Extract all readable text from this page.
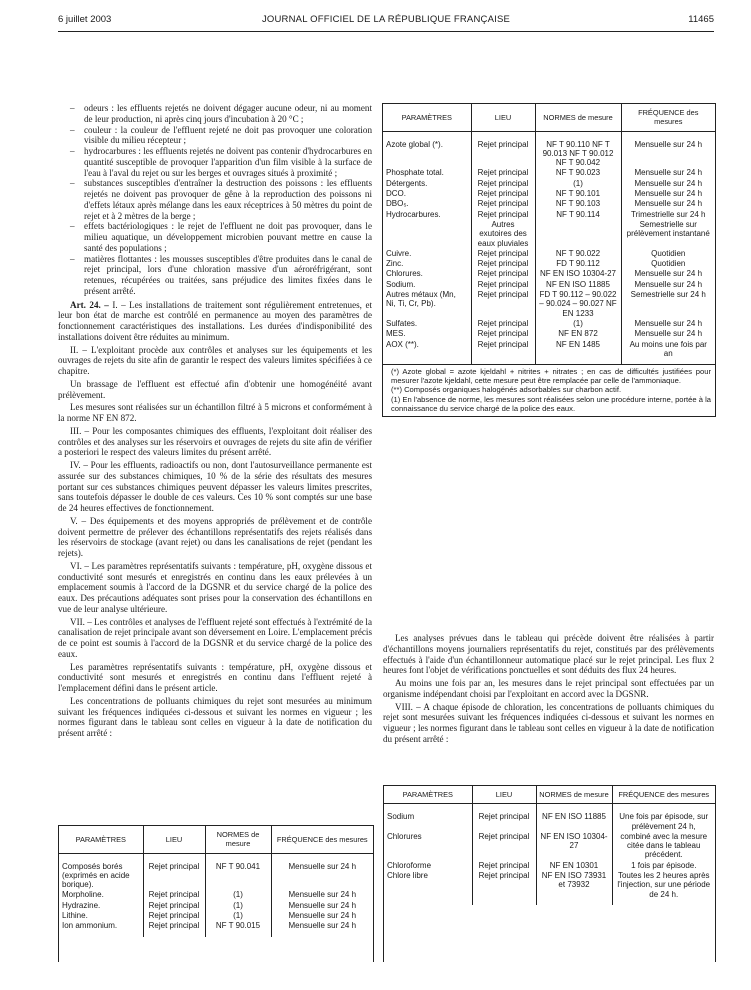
6 juillet 2003	JOURNAL OFFICIEL DE LA RÉPUBLIQUE FRANÇAISE	11465
– odeurs : les effluents rejetés ne doivent dégager aucune odeur, ni au moment de leur production, ni après cinq jours d'incubation à 20 °C ;
– couleur : la couleur de l'effluent rejeté ne doit pas provoquer une coloration visible du milieu récepteur ;
– hydrocarbures : les effluents rejetés ne doivent pas contenir d'hydrocarbures en quantité susceptible de provoquer l'apparition d'un film visible à la surface de l'eau à l'aval du rejet ou sur les berges et ouvrages situés à proximité ;
– substances susceptibles d'entraîner la destruction des poissons : les effluents rejetés ne doivent pas provoquer de gêne à la reproduction des poissons ni d'effets létaux après mélange dans les eaux réceptrices à 50 mètres du point de rejet et à 2 mètres de la berge ;
– effets bactériologiques : le rejet de l'effluent ne doit pas provoquer, dans le milieu aquatique, un développement microbien pouvant mettre en cause la santé des populations ;
– matières flottantes : les mousses susceptibles d'être produites dans le canal de rejet principal, lors d'une chloration massive d'un aéroréfrigérant, sont retenues, récupérées ou traitées, sans préjudice des limites fixées dans le présent arrêté.

Art. 24. – I. – Les installations de traitement sont régulièrement entretenues, et leur bon état de marche est contrôlé en permanence au moyen des paramètres de fonctionnement caractéristiques des installations. Les durées d'indisponibilité des installations doivent être réduites au minimum.

II. – L'exploitant procède aux contrôles et analyses sur les équipements et les ouvrages de rejets du site afin de garantir le respect des valeurs limites spécifiées à ce chapitre.

Un brassage de l'effluent est effectué afin d'obtenir une homogénéité avant prélèvement.

Les mesures sont réalisées sur un échantillon filtré à 5 microns et conformément à la norme NF EN 872.

III. – Pour les composantes chimiques des effluents, l'exploitant doit réaliser des contrôles et des analyses sur les réservoirs et ouvrages de rejets du site afin de vérifier a posteriori le respect des valeurs limites du présent arrêté.

IV. – Pour les effluents, radioactifs ou non, dont l'autosurveillance permanente est assurée sur des substances chimiques, 10 % de la série des résultats des mesures portant sur ces substances chimiques peuvent dépasser les valeurs limites prescrites, sans toutefois dépasser le double de ces valeurs. Ces 10 % sont comptés sur une base de 24 heures effectives de fonctionnement.

V. – Des équipements et des moyens appropriés de prélèvement et de contrôle doivent permettre de prélever des échantillons représentatifs des rejets réalisés dans les réservoirs de stockage (avant rejet) ou dans les canalisations de rejet (pendant les rejets).

VI. – Les paramètres représentatifs suivants : température, pH, oxygène dissous et conductivité sont mesurés et enregistrés en continu dans les eaux prélevées à un emplacement soumis à l'accord de la DGSNR et du service chargé de la police des eaux. Des précautions adéquates sont prises pour la conservation des échantillons en vue de leur analyse ultérieure.

VII. – Les contrôles et analyses de l'effluent rejeté sont effectués à l'extrémité de la canalisation de rejet principale avant son déversement en Loire. L'emplacement précis de ce point est soumis à l'accord de la DGSNR et du service chargé de la police des eaux.

Les paramètres représentatifs suivants : température, pH, oxygène dissous et conductivité sont mesurés et enregistrés en continu dans l'effluent rejeté à l'emplacement défini dans le présent article.

Les concentrations de polluants chimiques du rejet sont mesurées au minimum suivant les fréquences indiquées ci-dessous et suivant les normes en vigueur ; les normes figurant dans le tableau sont celles en vigueur à la date de notification du présent arrêté :

PARAMÈTRES	LIEU	NORMES de mesure	FRÉQUENCE des mesures
Azote global (*).	Rejet principal	NF T 90.110 NF T 90.013 NF T 90.012 NF T 90.042	Mensuelle sur 24 h
Phosphate total.	Rejet principal	NF T 90.023	Mensuelle sur 24 h
Détergents.	Rejet principal	(1)	Mensuelle sur 24 h
DCO.	Rejet principal	NF T 90.101	Mensuelle sur 24 h
DBO₅.	Rejet principal	NF T 90.103	Mensuelle sur 24 h
Hydrocarbures.	Rejet principal	NF T 90.114	Trimestrielle sur 24 h
	Autres exutoires des eaux pluviales		Semestrielle sur prélèvement instantané
Cuivre.	Rejet principal	NF T 90.022	Quotidien
Zinc.	Rejet principal	FD T 90.112	Quotidien
Chlorures.	Rejet principal	NF EN ISO 10304-27	Mensuelle sur 24 h
Sodium.	Rejet principal	NF EN ISO 11885	Mensuelle sur 24 h
Autres métaux (Mn, Ni, Ti, Cr, Pb).	Rejet principal	FD T 90.112 – 90.022 – 90.024 – 90.027 NF EN 1233	Semestrielle sur 24 h
Sulfates.	Rejet principal	(1)	Mensuelle sur 24 h
MES.	Rejet principal	NF EN 872	Mensuelle sur 24 h
AOX (**).	Rejet principal	NF EN 1485	Au moins une fois par an

(*) Azote global = azote kjeldahl + nitrites + nitrates ; en cas de difficultés justifiées pour mesurer l'azote kjeldahl, cette mesure peut être remplacée par celle de l'ammoniaque.
(**) Composés organiques halogénés adsorbables sur charbon actif.
(1) En l'absence de norme, les mesures sont réalisées selon une procédure interne, portée à la connaissance du service chargé de la police des eaux.

Les analyses prévues dans le tableau qui précède doivent être réalisées à partir d'échantillons moyens journaliers représentatifs du rejet, constitués par des prélèvements effectués à l'aide d'un échantillonneur automatique placé sur le rejet principal. Les flux 2 heures font l'objet de vérifications ponctuelles et sont déduits des flux 24 heures.

Au moins une fois par an, les mesures dans le rejet principal sont effectuées par un organisme indépendant choisi par l'exploitant en accord avec la DGSNR.

VIII. – A chaque épisode de chloration, les concentrations de polluants chimiques du rejet sont mesurées suivant les fréquences indiquées ci-dessous et suivant les normes en vigueur ; les normes figurant dans le tableau sont celles en vigueur à la date de notification du présent arrêté :

PARAMÈTRES	LIEU	NORMES de mesure	FRÉQUENCE des mesures
Composés borés (exprimés en acide borique).	Rejet principal	NF T 90.041	Mensuelle sur 24 h
Morpholine.	Rejet principal	(1)	Mensuelle sur 24 h
Hydrazine.	Rejet principal	(1)	Mensuelle sur 24 h
Lithine.	Rejet principal	(1)	Mensuelle sur 24 h
Ion ammonium.	Rejet principal	NF T 90.015	Mensuelle sur 24 h

PARAMÈTRES	LIEU	NORMES de mesure	FRÉQUENCE des mesures
Sodium	Rejet principal	NF EN ISO 11885	Une fois par épisode, sur prélèvement 24 h,
Chlorures	Rejet principal	NF EN ISO 10304-27	combiné avec la mesure citée dans le tableau précédent.
Chloroforme	Rejet principal	NF EN 10301	1 fois par épisode.
Chlore libre	Rejet principal	NF EN ISO 73931 et 73932	Toutes les 2 heures après l'injection, sur une période de 24 h.
